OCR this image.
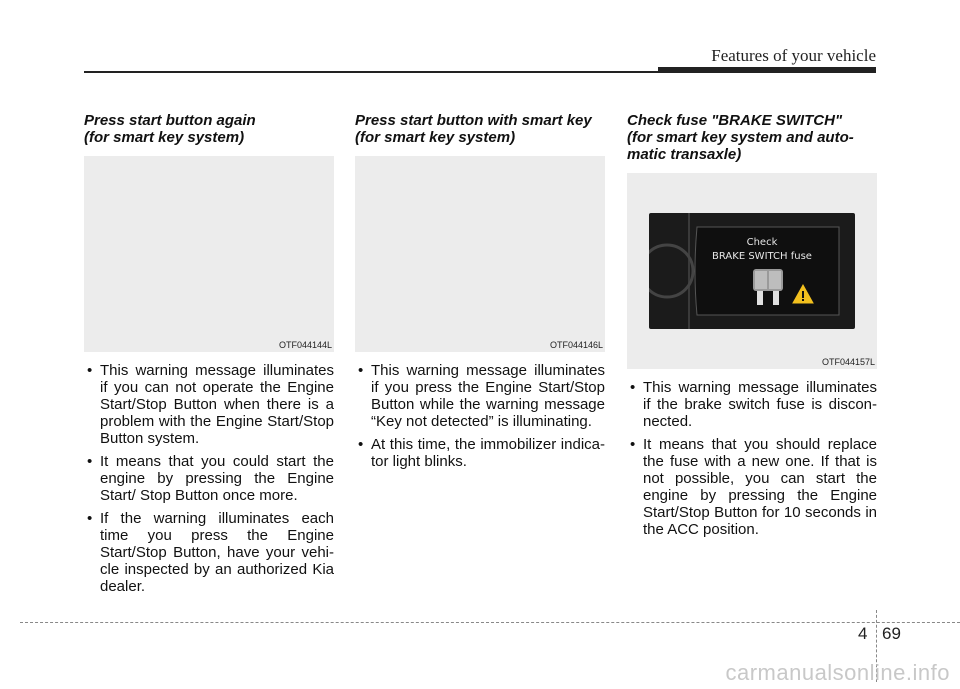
Features of your vehicle

Press start button again
(for smart key system)

OTF044144L
• This warning message illuminates if you can not operate the Engine Start/Stop Button when there is a problem with the Engine Start/Stop Button system.
• It means that you could start the engine by pressing the Engine Start/ Stop Button once more.
• If the warning illuminates each time you press the Engine Start/Stop Button, have your vehi-cle inspected by an authorized Kia dealer.

Press start button with smart key
(for smart key system)

OTF044146L
• This warning message illuminates if you press the Engine Start/Stop Button while the warning message “Key not detected” is illuminating.
• At this time, the immobilizer indica-tor light blinks.

Check fuse "BRAKE SWITCH"
(for smart key system and auto-
matic transaxle)

Check
BRAKE SWITCH fuse
OTF044157L
• This warning message illuminates if the brake switch fuse is discon-nected.
• It means that you should replace the fuse with a new one. If that is not possible, you can start the engine by pressing the Engine Start/Stop Button for 10 seconds in the ACC position.
4 69
carmanualsonline.info
